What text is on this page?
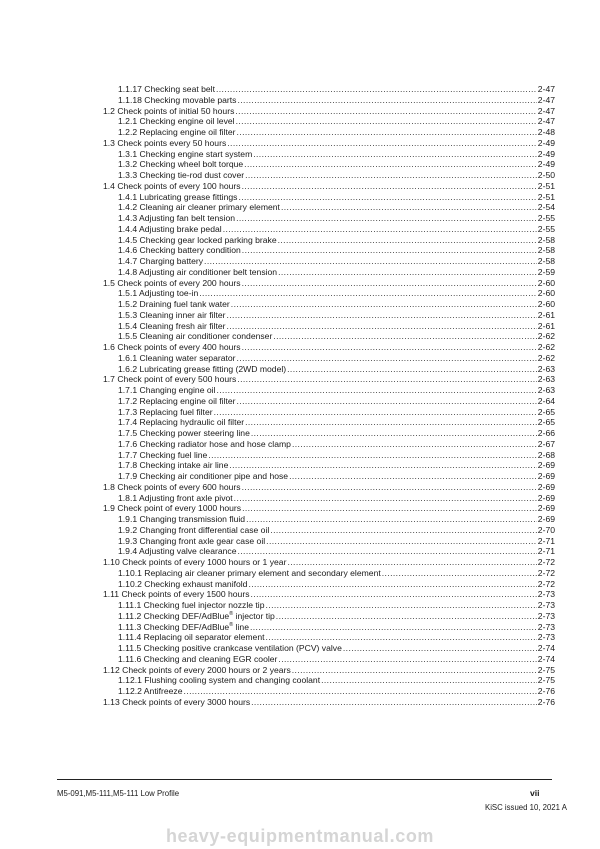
1.1.17 Checking seat belt .....	2-47
1.1.18 Checking movable parts .....	2-47
1.2 Check points of initial 50 hours .....	2-47
1.2.1 Checking engine oil level .....	2-47
1.2.2 Replacing engine oil filter .....	2-48
1.3 Check points every 50 hours .....	2-49
1.3.1 Checking engine start system .....	2-49
1.3.2 Checking wheel bolt torque .....	2-49
1.3.3 Checking tie-rod dust cover .....	2-50
1.4 Check points of every 100 hours .....	2-51
1.4.1 Lubricating grease fittings .....	2-51
1.4.2 Cleaning air cleaner primary element .....	2-54
1.4.3 Adjusting fan belt tension .....	2-55
1.4.4 Adjusting brake pedal .....	2-55
1.4.5 Checking gear locked parking brake .....	2-58
1.4.6 Checking battery condition .....	2-58
1.4.7 Charging battery .....	2-58
1.4.8 Adjusting air conditioner belt tension .....	2-59
1.5 Check points of every 200 hours .....	2-60
1.5.1 Adjusting toe-in .....	2-60
1.5.2 Draining fuel tank water .....	2-60
1.5.3 Cleaning inner air filter .....	2-61
1.5.4 Cleaning fresh air filter .....	2-61
1.5.5 Cleaning air conditioner condenser .....	2-62
1.6 Check points of every 400 hours .....	2-62
1.6.1 Cleaning water separator .....	2-62
1.6.2 Lubricating grease fitting (2WD model) .....	2-63
1.7 Check point of every 500 hours .....	2-63
1.7.1 Changing engine oil .....	2-63
1.7.2 Replacing engine oil filter .....	2-64
1.7.3 Replacing fuel filter .....	2-65
1.7.4 Replacing hydraulic oil filter .....	2-65
1.7.5 Checking power steering line .....	2-66
1.7.6 Checking radiator hose and hose clamp .....	2-67
1.7.7 Checking fuel line .....	2-68
1.7.8 Checking intake air line .....	2-69
1.7.9 Checking air conditioner pipe and hose .....	2-69
1.8 Check points of every 600 hours .....	2-69
1.8.1 Adjusting front axle pivot .....	2-69
1.9 Check point of every 1000 hours .....	2-69
1.9.1 Changing transmission fluid .....	2-69
1.9.2 Changing front differential case oil .....	2-70
1.9.3 Changing front axle gear case oil .....	2-71
1.9.4 Adjusting valve clearance .....	2-71
1.10 Check points of every 1000 hours or 1 year .....	2-72
1.10.1 Replacing air cleaner primary element and secondary element .....	2-72
1.10.2 Checking exhaust manifold .....	2-72
1.11 Check points of every 1500 hours .....	2-73
1.11.1 Checking fuel injector nozzle tip .....	2-73
1.11.2 Checking DEF/AdBlue® injector tip .....	2-73
1.11.3 Checking DEF/AdBlue® line .....	2-73
1.11.4 Replacing oil separator element .....	2-73
1.11.5 Checking positive crankcase ventilation (PCV) valve .....	2-74
1.11.6 Checking and cleaning EGR cooler .....	2-74
1.12 Check points of every 2000 hours or 2 years .....	2-75
1.12.1 Flushing cooling system and changing coolant .....	2-75
1.12.2 Antifreeze .....	2-76
1.13 Check points of every 3000 hours .....	2-76
M5-091,M5-111,M5-111 Low Profile	vii
KiSC issued 10, 2021 A
heavy-equipmentmanual.com
